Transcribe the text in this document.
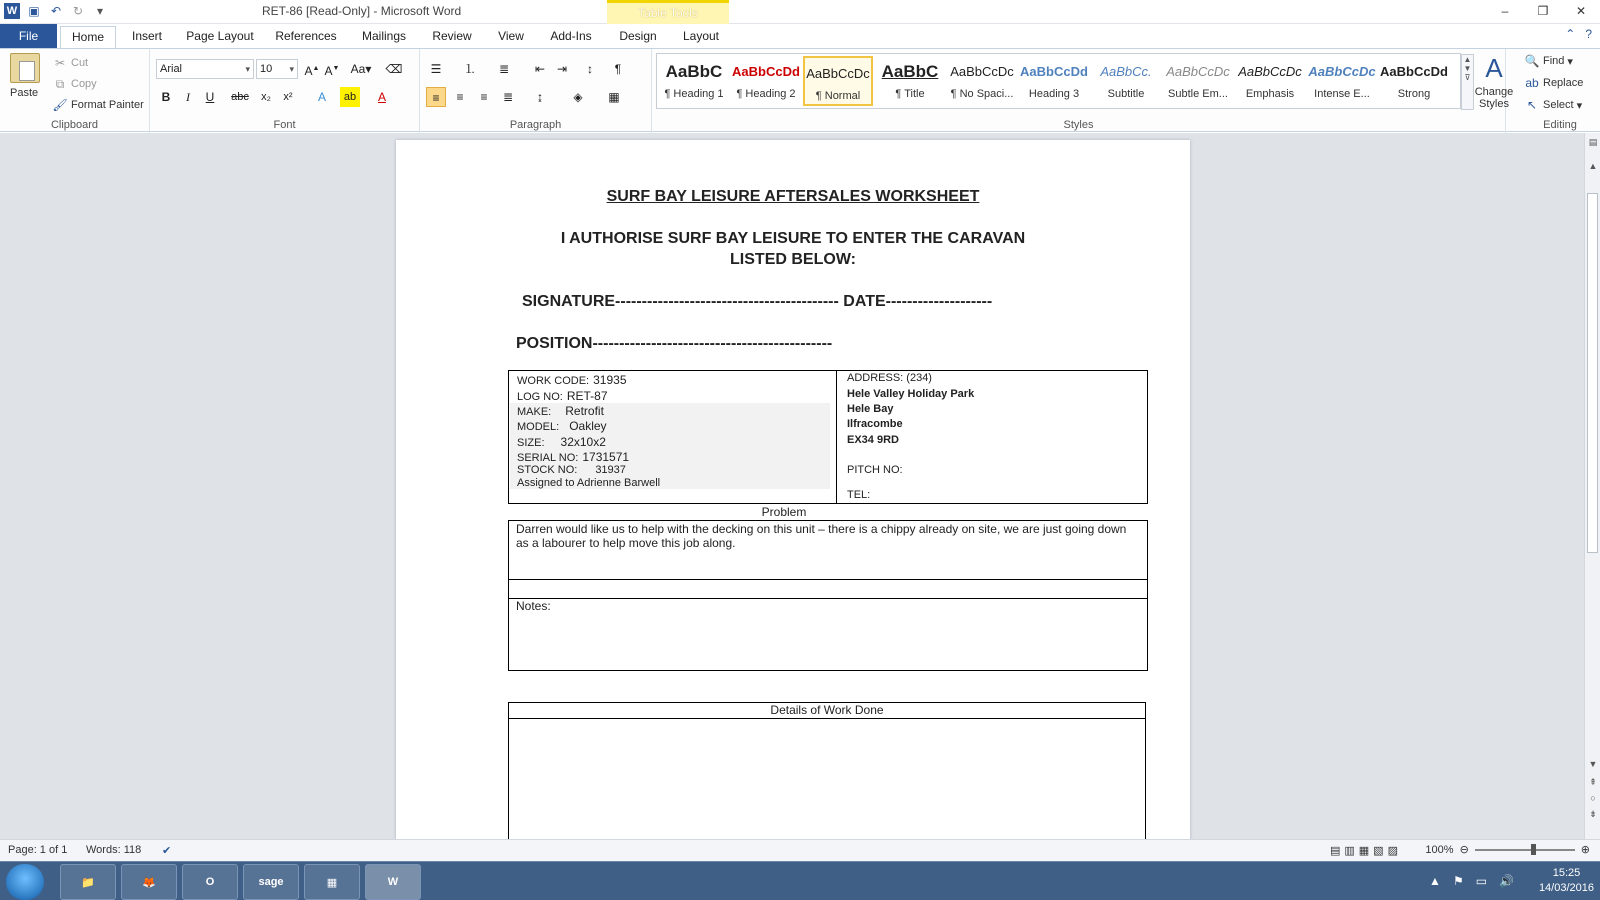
W ▣ ↶ ↻	▾	RET-86 [Read-Only] - Microsoft Word	Table Tools	–	❐	✕
File	Home	Insert	Page Layout	References	Mailings	Review	View	Add-Ins	Design	Layout	⌃ ?
Paste
✂ Cut
⧉ Copy
🖌 Format Painter
Clipboard
Arial ▾	10 ▾	A▲ A▼ Aa▾ ⌫
B	I	U	abc	x₂	x²	A	ab	A
Font
☰	⒈	≣	⇤ ⇥	↕	¶
≡	≡	≡	≣	↨	◈	▦
Paragraph
AaBbC
¶ Heading 1
AaBbCcDd
¶ Heading 2
AaBbCcDc
¶ Normal
AaBbC
¶ Title
AaBbCcDc
¶ No Spaci...
AaBbCcDd
Heading 3
AaBbCc.
Subtitle
AaBbCcDc
Subtle Em...
AaBbCcDc
Emphasis
AaBbCcDc
Intense E...
AaBbCcDd
Strong
▲
▼
⊽ A
Change Styles
Styles
🔍 Find ▾
ab Replace
↖ Select ▾
Editing
SURF BAY LEISURE AFTERSALES WORKSHEET
I AUTHORISE SURF BAY LEISURE TO ENTER THE CARAVAN
LISTED BELOW:
SIGNATURE------------------------------------------ DATE--------------------
POSITION---------------------------------------------
WORK CODE: 31935
LOG NO: RET-87
MAKE: Retrofit
MODEL: Oakley
SIZE: 32x10x2
SERIAL NO: 1731571
STOCK NO: 31937
Assigned to Adrienne Barwell
ADDRESS: (234)
Hele Valley Holiday Park
Hele Bay
Ilfracombe
EX34 9RD
PITCH NO:
TEL:
Problem
Darren would like us to help with the decking on this unit – there is a chippy already on site, we are just going down as a labourer to help move this job along.
Notes:
Details of Work Done
▤
▲
▼
⇞
○
⇟
Page: 1 of 1 Words: 118 ✔	▤▥▦▧▨ 100% ⊖	⊕
📁	🦊	O	sage	▦	W	▲ ⚑ ▭ 🔊
15:25
14/03/2016
